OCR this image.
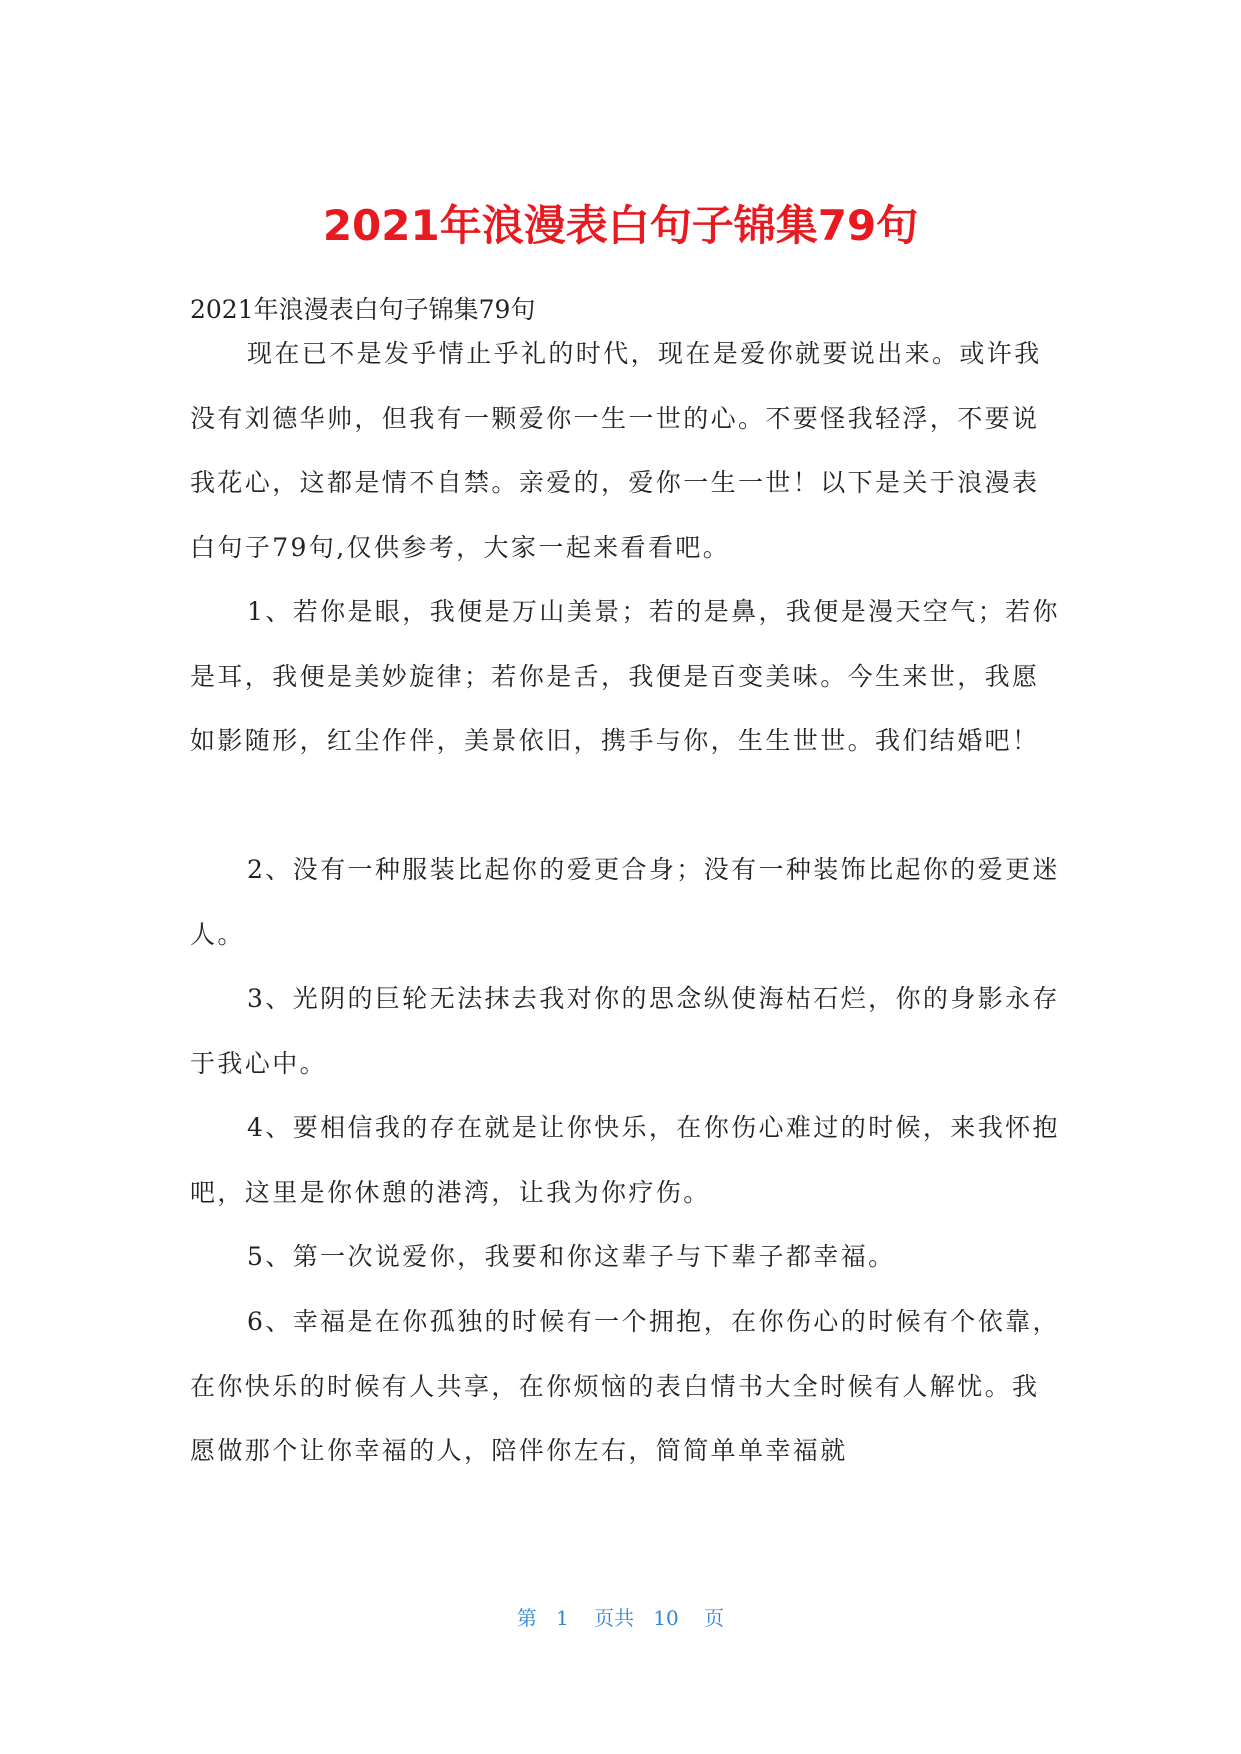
2021年浪漫表白句子锦集79句
2021年浪漫表白句子锦集79句

现在已不是发乎情止乎礼的时代，现在是爱你就要说出来。或许我没有刘德华帅，但我有一颗爱你一生一世的心。不要怪我轻浮，不要说我花心，这都是情不自禁。亲爱的，爱你一生一世！以下是关于浪漫表白句子79句,仅供参考，大家一起来看看吧。

1、若你是眼，我便是万山美景；若的是鼻，我便是漫天空气；若你是耳，我便是美妙旋律；若你是舌，我便是百变美味。今生来世，我愿如影随形，红尘作伴，美景依旧，携手与你，生生世世。我们结婚吧！

2、没有一种服装比起你的爱更合身；没有一种装饰比起你的爱更迷人。

3、光阴的巨轮无法抹去我对你的思念纵使海枯石烂，你的身影永存于我心中。

4、要相信我的存在就是让你快乐，在你伤心难过的时候，来我怀抱吧，这里是你休憩的港湾，让我为你疗伤。

5、第一次说爱你，我要和你这辈子与下辈子都幸福。

6、幸福是在你孤独的时候有一个拥抱，在你伤心的时候有个依靠，在你快乐的时候有人共享，在你烦恼的表白情书大全时候有人解忧。我愿做那个让你幸福的人，陪伴你左右，简简单单幸福就

第 1 页共 10 页
